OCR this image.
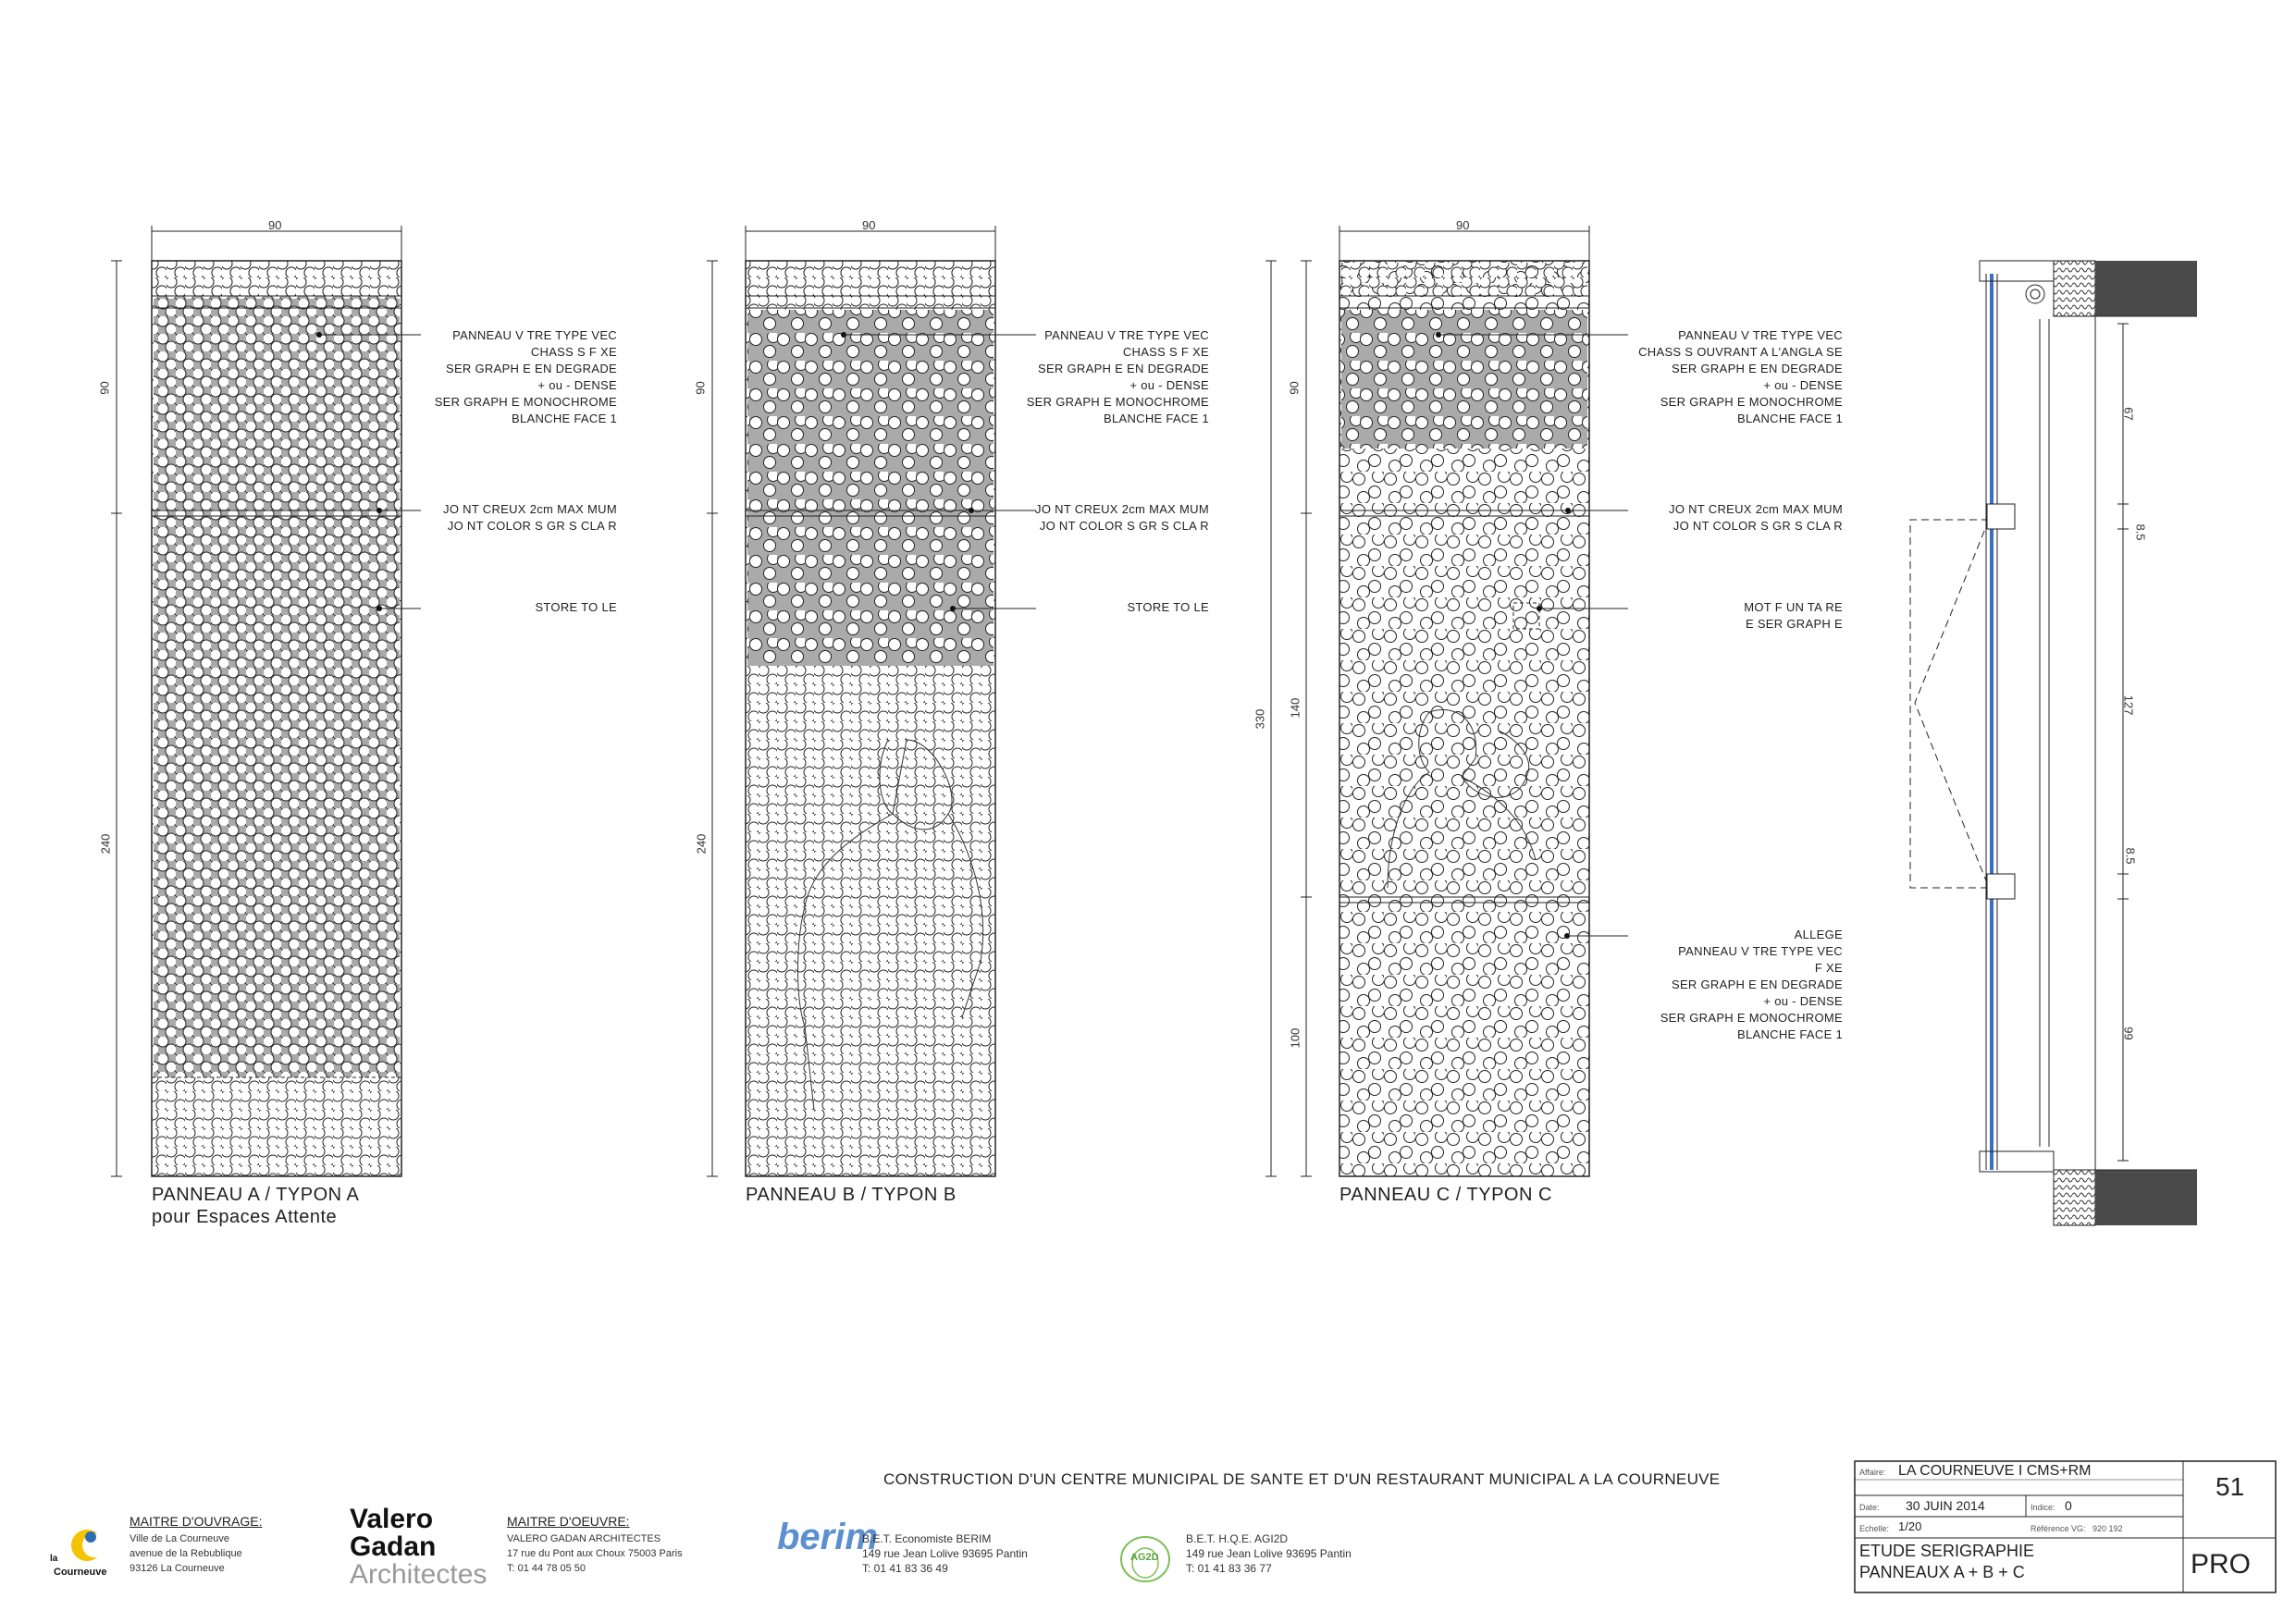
90
90
240
PANNEAU V TRE TYPE VEC
CHASS S F XE
SER GRAPH E EN DEGRADE
+ ou - DENSE
SER GRAPH E MONOCHROME
BLANCHE FACE 1
JO NT CREUX 2cm MAX MUM
JO NT COLOR S GR S CLA R
STORE TO LE
PANNEAU A / TYPON A
pour Espaces Attente
90
90
240
PANNEAU V TRE TYPE VEC
CHASS S F XE
SER GRAPH E EN DEGRADE
+ ou - DENSE
SER GRAPH E MONOCHROME
BLANCHE FACE 1
JO NT CREUX 2cm MAX MUM
JO NT COLOR S GR S CLA R
STORE TO LE
PANNEAU B / TYPON B
90
90
140
100
330
PANNEAU V TRE TYPE VEC
CHASS S OUVRANT A L'ANGLA SE
SER GRAPH E EN DEGRADE
+ ou - DENSE
SER GRAPH E MONOCHROME
BLANCHE FACE 1
JO NT CREUX 2cm MAX MUM
JO NT COLOR S GR S CLA R
MOT F UN TA RE
E SER GRAPH E
ALLEGE
PANNEAU V TRE TYPE VEC
F XE
SER GRAPH E EN DEGRADE
+ ou - DENSE
SER GRAPH E MONOCHROME
BLANCHE FACE 1
PANNEAU C / TYPON C
67
8.5
127
8.5
99
CONSTRUCTION D'UN CENTRE MUNICIPAL DE SANTE ET D'UN RESTAURANT MUNICIPAL A LA COURNEUVE	Affaire: LA COURNEUVE I CMS+RM
51
Date: 30 JUIN 2014	Indice: 0
Echelle: 1/20	Référence VG: 920 192
ETUDE SERIGRAPHIE
PANNEAUX A + B + C	PRO
la
Courneuve
MAITRE D'OUVRAGE:
Ville de La Courneuve
avenue de la Rebublique
93126 La Courneuve
Valero
Gadan
Architectes
MAITRE D'OEUVRE:
VALERO GADAN ARCHITECTES
17 rue du Pont aux Choux 75003 Paris
T: 01 44 78 05 50
berim
B.E.T. Economiste BERIM
149 rue Jean Lolive 93695 Pantin
T: 01 41 83 36 49
AG2D
B.E.T. H.Q.E. AGI2D
149 rue Jean Lolive 93695 Pantin
T: 01 41 83 36 77
